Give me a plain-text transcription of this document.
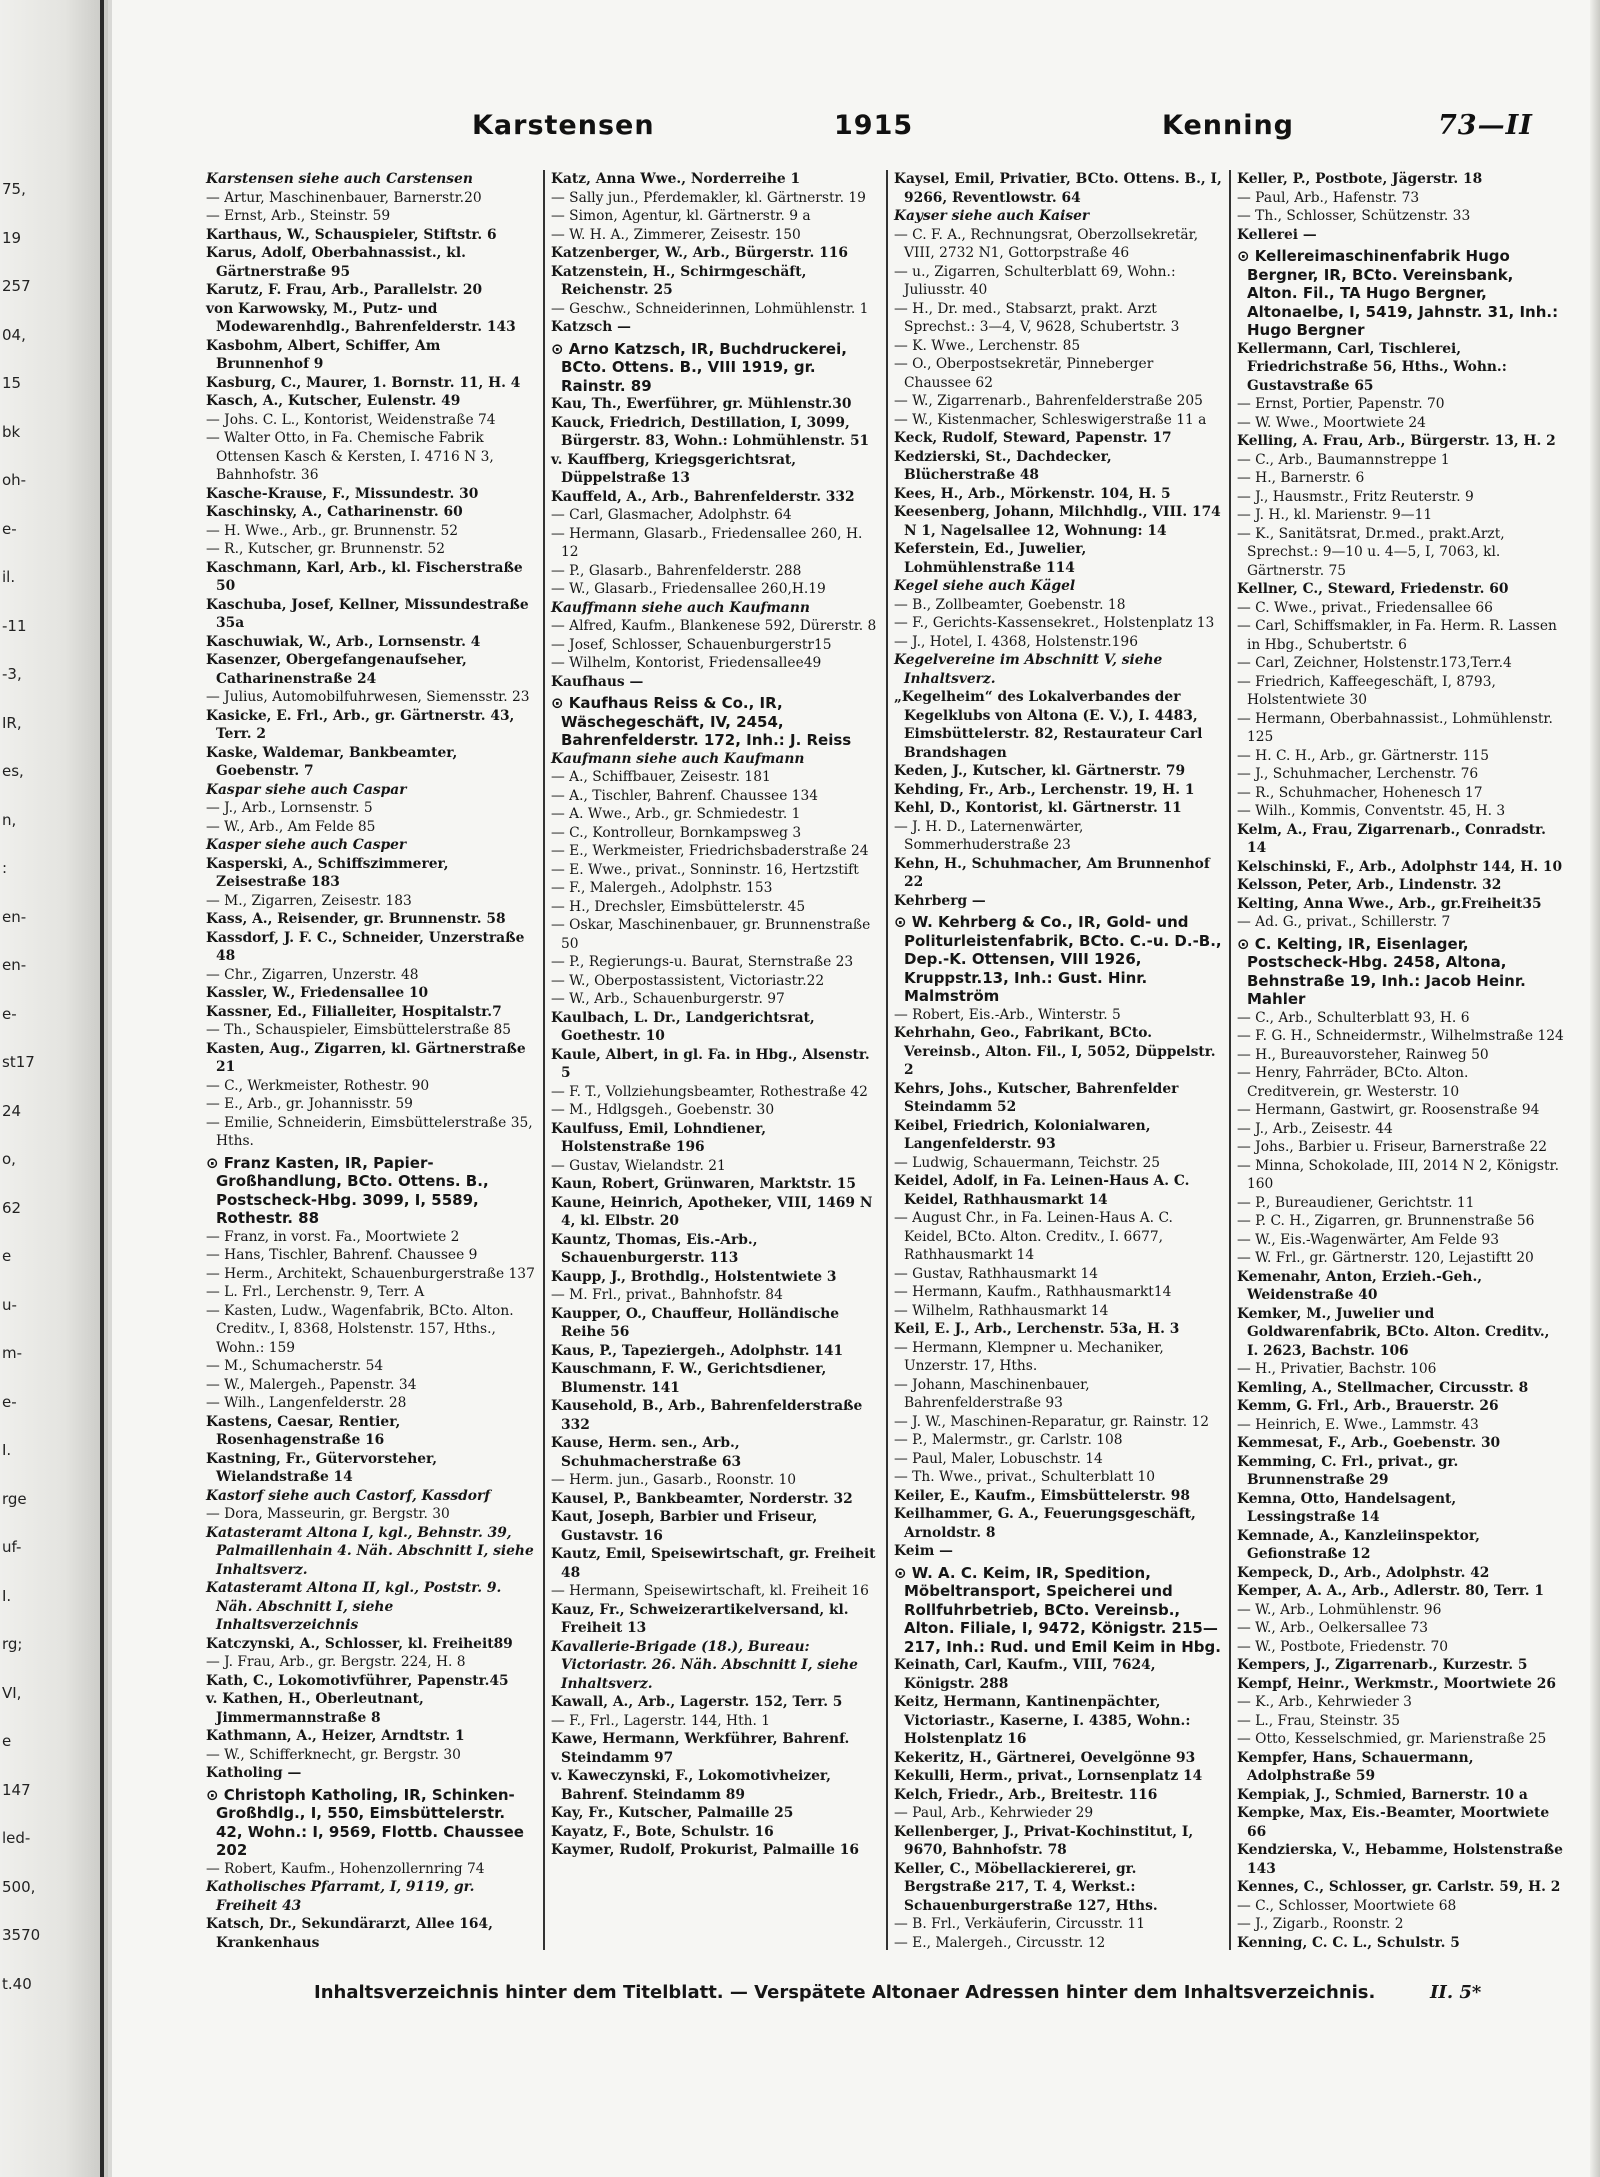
75,
19
257
04,
15
bk
oh-
e-
il.
-11
-3,
IR,
es,
n,
:
en-
en-
e-
st17
24
o,
62
e
u-
m-
e-
I.
rge
uf-
I.
rg;
VI,
e
147
led-
500,
3570
t.40
Karstensen	1915	Kenning	73—II
Karstensen siehe auch Carstensen
— Artur, Maschinenbauer, Barnerstr.20
— Ernst, Arb., Steinstr. 59
Karthaus, W., Schauspieler, Stiftstr. 6
Karus, Adolf, Oberbahnassist., kl. Gärtnerstraße 95
Karutz, F. Frau, Arb., Parallelstr. 20
von Karwowsky, M., Putz- und Modewarenhdlg., Bahrenfelderstr. 143
Kasbohm, Albert, Schiffer, Am Brunnenhof 9
Kasburg, C., Maurer, 1. Bornstr. 11, H. 4
Kasch, A., Kutscher, Eulenstr. 49
— Johs. C. L., Kontorist, Weidenstraße 74
— Walter Otto, in Fa. Chemische Fabrik Ottensen Kasch & Kersten, I. 4716 N 3, Bahnhofstr. 36
Kasche-Krause, F., Missundestr. 30
Kaschinsky, A., Catharinenstr. 60
— H. Wwe., Arb., gr. Brunnenstr. 52
— R., Kutscher, gr. Brunnenstr. 52
Kaschmann, Karl, Arb., kl. Fischerstraße 50
Kaschuba, Josef, Kellner, Missundestraße 35a
Kaschuwiak, W., Arb., Lornsenstr. 4
Kasenzer, Obergefangenaufseher, Catharinenstraße 24
— Julius, Automobilfuhrwesen, Siemensstr. 23
Kasicke, E. Frl., Arb., gr. Gärtnerstr. 43, Terr. 2
Kaske, Waldemar, Bankbeamter, Goebenstr. 7
Kaspar siehe auch Caspar
— J., Arb., Lornsenstr. 5
— W., Arb., Am Felde 85
Kasper siehe auch Casper
Kasperski, A., Schiffszimmerer, Zeisestraße 183
— M., Zigarren, Zeisestr. 183
Kass, A., Reisender, gr. Brunnenstr. 58
Kassdorf, J. F. C., Schneider, Unzerstraße 48
— Chr., Zigarren, Unzerstr. 48
Kassler, W., Friedensallee 10
Kassner, Ed., Filialleiter, Hospitalstr.7
— Th., Schauspieler, Eimsbüttelerstraße 85
Kasten, Aug., Zigarren, kl. Gärtnerstraße 21
— C., Werkmeister, Rothestr. 90
— E., Arb., gr. Johannisstr. 59
— Emilie, Schneiderin, Eimsbüttelerstraße 35, Hths.
⊙ Franz Kasten, IR, Papier-Großhandlung, BCto. Ottens. B., Postscheck-Hbg. 3099, I, 5589, Rothestr. 88
— Franz, in vorst. Fa., Moortwiete 2
— Hans, Tischler, Bahrenf. Chaussee 9
— Herm., Architekt, Schauenburgerstraße 137
— L. Frl., Lerchenstr. 9, Terr. A
— Kasten, Ludw., Wagenfabrik, BCto. Alton. Creditv., I, 8368, Holstenstr. 157, Hths., Wohn.: 159
— M., Schumacherstr. 54
— W., Malergeh., Papenstr. 34
— Wilh., Langenfelderstr. 28
Kastens, Caesar, Rentier, Rosenhagenstraße 16
Kastning, Fr., Gütervorsteher, Wielandstraße 14
Kastorf siehe auch Castorf, Kassdorf
— Dora, Masseurin, gr. Bergstr. 30
Katasteramt Altona I, kgl., Behnstr. 39, Palmaillenhain 4. Näh. Abschnitt I, siehe Inhaltsverz.
Katasteramt Altona II, kgl., Poststr. 9. Näh. Abschnitt I, siehe Inhaltsverzeichnis
Katczynski, A., Schlosser, kl. Freiheit89
— J. Frau, Arb., gr. Bergstr. 224, H. 8
Kath, C., Lokomotivführer, Papenstr.45
v. Kathen, H., Oberleutnant, Jimmermannstraße 8
Kathmann, A., Heizer, Arndtstr. 1
— W., Schifferknecht, gr. Bergstr. 30
Katholing —
⊙ Christoph Katholing, IR, Schinken-Großhdlg., I, 550, Eimsbüttelerstr. 42, Wohn.: I, 9569, Flottb. Chaussee 202
— Robert, Kaufm., Hohenzollernring 74
Katholisches Pfarramt, I, 9119, gr. Freiheit 43
Katsch, Dr., Sekundärarzt, Allee 164, Krankenhaus
Katz, Anna Wwe., Norderreihe 1
— Sally jun., Pferdemakler, kl. Gärtnerstr. 19
— Simon, Agentur, kl. Gärtnerstr. 9 a
— W. H. A., Zimmerer, Zeisestr. 150
Katzenberger, W., Arb., Bürgerstr. 116
Katzenstein, H., Schirmgeschäft, Reichenstr. 25
— Geschw., Schneiderinnen, Lohmühlenstr. 1
Katzsch —
⊙ Arno Katzsch, IR, Buchdruckerei, BCto. Ottens. B., VIII 1919, gr. Rainstr. 89
Kau, Th., Ewerführer, gr. Mühlenstr.30
Kauck, Friedrich, Destillation, I, 3099, Bürgerstr. 83, Wohn.: Lohmühlenstr. 51
v. Kauffberg, Kriegsgerichtsrat, Düppelstraße 13
Kauffeld, A., Arb., Bahrenfelderstr. 332
— Carl, Glasmacher, Adolphstr. 64
— Hermann, Glasarb., Friedensallee 260, H. 12
— P., Glasarb., Bahrenfelderstr. 288
— W., Glasarb., Friedensallee 260,H.19
Kauffmann siehe auch Kaufmann
— Alfred, Kaufm., Blankenese 592, Dürerstr. 8
— Josef, Schlosser, Schauenburgerstr15
— Wilhelm, Kontorist, Friedensallee49
Kaufhaus —
⊙ Kaufhaus Reiss & Co., IR, Wäschegeschäft, IV, 2454, Bahrenfelderstr. 172, Inh.: J. Reiss
Kaufmann siehe auch Kaufmann
— A., Schiffbauer, Zeisestr. 181
— A., Tischler, Bahrenf. Chaussee 134
— A. Wwe., Arb., gr. Schmiedestr. 1
— C., Kontrolleur, Bornkampsweg 3
— E., Werkmeister, Friedrichsbaderstraße 24
— E. Wwe., privat., Sonninstr. 16, Hertzstift
— F., Malergeh., Adolphstr. 153
— H., Drechsler, Eimsbüttelerstr. 45
— Oskar, Maschinenbauer, gr. Brunnenstraße 50
— P., Regierungs-u. Baurat, Sternstraße 23
— W., Oberpostassistent, Victoriastr.22
— W., Arb., Schauenburgerstr. 97
Kaulbach, L. Dr., Landgerichtsrat, Goethestr. 10
Kaule, Albert, in gl. Fa. in Hbg., Alsenstr. 5
— F. T., Vollziehungsbeamter, Rothestraße 42
— M., Hdlgsgeh., Goebenstr. 30
Kaulfuss, Emil, Lohndiener, Holstenstraße 196
— Gustav, Wielandstr. 21
Kaun, Robert, Grünwaren, Marktstr. 15
Kaune, Heinrich, Apotheker, VIII, 1469 N 4, kl. Elbstr. 20
Kauntz, Thomas, Eis.-Arb., Schauenburgerstr. 113
Kaupp, J., Brothdlg., Holstentwiete 3
— M. Frl., privat., Bahnhofstr. 84
Kaupper, O., Chauffeur, Holländische Reihe 56
Kaus, P., Tapeziergeh., Adolphstr. 141
Kauschmann, F. W., Gerichtsdiener, Blumenstr. 141
Kausehold, B., Arb., Bahrenfelderstraße 332
Kause, Herm. sen., Arb., Schuhmacherstraße 63
— Herm. jun., Gasarb., Roonstr. 10
Kausel, P., Bankbeamter, Norderstr. 32
Kaut, Joseph, Barbier und Friseur, Gustavstr. 16
Kautz, Emil, Speisewirtschaft, gr. Freiheit 48
— Hermann, Speisewirtschaft, kl. Freiheit 16
Kauz, Fr., Schweizerartikelversand, kl. Freiheit 13
Kavallerie-Brigade (18.), Bureau: Victoriastr. 26. Näh. Abschnitt I, siehe Inhaltsverz.
Kawall, A., Arb., Lagerstr. 152, Terr. 5
— F., Frl., Lagerstr. 144, Hth. 1
Kawe, Hermann, Werkführer, Bahrenf. Steindamm 97
v. Kaweczynski, F., Lokomotivheizer, Bahrenf. Steindamm 89
Kay, Fr., Kutscher, Palmaille 25
Kayatz, F., Bote, Schulstr. 16
Kaymer, Rudolf, Prokurist, Palmaille 16
Kaysel, Emil, Privatier, BCto. Ottens. B., I, 9266, Reventlowstr. 64
Kayser siehe auch Kaiser
— C. F. A., Rechnungsrat, Oberzollsekretär, VIII, 2732 N1, Gottorpstraße 46
— u., Zigarren, Schulterblatt 69, Wohn.: Juliusstr. 40
— H., Dr. med., Stabsarzt, prakt. Arzt Sprechst.: 3—4, V, 9628, Schubertstr. 3
— K. Wwe., Lerchenstr. 85
— O., Oberpostsekretär, Pinneberger Chaussee 62
— W., Zigarrenarb., Bahrenfelderstraße 205
— W., Kistenmacher, Schleswigerstraße 11 a
Keck, Rudolf, Steward, Papenstr. 17
Kedzierski, St., Dachdecker, Blücherstraße 48
Kees, H., Arb., Mörkenstr. 104, H. 5
Keesenberg, Johann, Milchhdlg., VIII. 174 N 1, Nagelsallee 12, Wohnung: 14
Keferstein, Ed., Juwelier, Lohmühlenstraße 114
Kegel siehe auch Kägel
— B., Zollbeamter, Goebenstr. 18
— F., Gerichts-Kassensekret., Holstenplatz 13
— J., Hotel, I. 4368, Holstenstr.196
Kegelvereine im Abschnitt V, siehe Inhaltsverz.
„Kegelheim“ des Lokalverbandes der Kegelklubs von Altona (E. V.), I. 4483, Eimsbüttelerstr. 82, Restaurateur Carl Brandshagen
Keden, J., Kutscher, kl. Gärtnerstr. 79
Kehding, Fr., Arb., Lerchenstr. 19, H. 1
Kehl, D., Kontorist, kl. Gärtnerstr. 11
— J. H. D., Laternenwärter, Sommerhuderstraße 23
Kehn, H., Schuhmacher, Am Brunnenhof 22
Kehrberg —
⊙ W. Kehrberg & Co., IR, Gold- und Politurleistenfabrik, BCto. C.-u. D.-B., Dep.-K. Ottensen, VIII 1926, Kruppstr.13, Inh.: Gust. Hinr. Malmström
— Robert, Eis.-Arb., Winterstr. 5
Kehrhahn, Geo., Fabrikant, BCto. Vereinsb., Alton. Fil., I, 5052, Düppelstr. 2
Kehrs, Johs., Kutscher, Bahrenfelder Steindamm 52
Keibel, Friedrich, Kolonialwaren, Langenfelderstr. 93
— Ludwig, Schauermann, Teichstr. 25
Keidel, Adolf, in Fa. Leinen-Haus A. C. Keidel, Rathhausmarkt 14
— August Chr., in Fa. Leinen-Haus A. C. Keidel, BCto. Alton. Creditv., I. 6677, Rathhausmarkt 14
— Gustav, Rathhausmarkt 14
— Hermann, Kaufm., Rathhausmarkt14
— Wilhelm, Rathhausmarkt 14
Keil, E. J., Arb., Lerchenstr. 53a, H. 3
— Hermann, Klempner u. Mechaniker, Unzerstr. 17, Hths.
— Johann, Maschinenbauer, Bahrenfelderstraße 93
— J. W., Maschinen-Reparatur, gr. Rainstr. 12
— P., Malermstr., gr. Carlstr. 108
— Paul, Maler, Lobuschstr. 14
— Th. Wwe., privat., Schulterblatt 10
Keiler, E., Kaufm., Eimsbüttelerstr. 98
Keilhammer, G. A., Feuerungsgeschäft, Arnoldstr. 8
Keim —
⊙ W. A. C. Keim, IR, Spedition, Möbeltransport, Speicherei und Rollfuhrbetrieb, BCto. Vereinsb., Alton. Filiale, I, 9472, Königstr. 215—217, Inh.: Rud. und Emil Keim in Hbg.
Keinath, Carl, Kaufm., VIII, 7624, Königstr. 288
Keitz, Hermann, Kantinenpächter, Victoriastr., Kaserne, I. 4385, Wohn.: Holstenplatz 16
Kekeritz, H., Gärtnerei, Oevelgönne 93
Kekulli, Herm., privat., Lornsenplatz 14
Kelch, Friedr., Arb., Breitestr. 116
— Paul, Arb., Kehrwieder 29
Kellenberger, J., Privat-Kochinstitut, I, 9670, Bahnhofstr. 78
Keller, C., Möbellackiererei, gr. Bergstraße 217, T. 4, Werkst.: Schauenburgerstraße 127, Hths.
— B. Frl., Verkäuferin, Circusstr. 11
— E., Malergeh., Circusstr. 12
Keller, P., Postbote, Jägerstr. 18
— Paul, Arb., Hafenstr. 73
— Th., Schlosser, Schützenstr. 33
Kellerei —
⊙ Kellereimaschinenfabrik Hugo Bergner, IR, BCto. Vereinsbank, Alton. Fil., TA Hugo Bergner, Altonaelbe, I, 5419, Jahnstr. 31, Inh.: Hugo Bergner
Kellermann, Carl, Tischlerei, Friedrichstraße 56, Hths., Wohn.: Gustavstraße 65
— Ernst, Portier, Papenstr. 70
— W. Wwe., Moortwiete 24
Kelling, A. Frau, Arb., Bürgerstr. 13, H. 2
— C., Arb., Baumannstreppe 1
— H., Barnerstr. 6
— J., Hausmstr., Fritz Reuterstr. 9
— J. H., kl. Marienstr. 9—11
— K., Sanitätsrat, Dr.med., prakt.Arzt, Sprechst.: 9—10 u. 4—5, I, 7063, kl. Gärtnerstr. 75
Kellner, C., Steward, Friedenstr. 60
— C. Wwe., privat., Friedensallee 66
— Carl, Schiffsmakler, in Fa. Herm. R. Lassen in Hbg., Schubertstr. 6
— Carl, Zeichner, Holstenstr.173,Terr.4
— Friedrich, Kaffeegeschäft, I, 8793, Holstentwiete 30
— Hermann, Oberbahnassist., Lohmühlenstr. 125
— H. C. H., Arb., gr. Gärtnerstr. 115
— J., Schuhmacher, Lerchenstr. 76
— R., Schuhmacher, Hohenesch 17
— Wilh., Kommis, Conventstr. 45, H. 3
Kelm, A., Frau, Zigarrenarb., Conradstr. 14
Kelschinski, F., Arb., Adolphstr 144, H. 10
Kelsson, Peter, Arb., Lindenstr. 32
Kelting, Anna Wwe., Arb., gr.Freiheit35
— Ad. G., privat., Schillerstr. 7
⊙ C. Kelting, IR, Eisenlager, Postscheck-Hbg. 2458, Altona, Behnstraße 19, Inh.: Jacob Heinr. Mahler
— C., Arb., Schulterblatt 93, H. 6
— F. G. H., Schneidermstr., Wilhelmstraße 124
— H., Bureauvorsteher, Rainweg 50
— Henry, Fahrräder, BCto. Alton. Creditverein, gr. Westerstr. 10
— Hermann, Gastwirt, gr. Roosenstraße 94
— J., Arb., Zeisestr. 44
— Johs., Barbier u. Friseur, Barnerstraße 22
— Minna, Schokolade, III, 2014 N 2, Königstr. 160
— P., Bureaudiener, Gerichtstr. 11
— P. C. H., Zigarren, gr. Brunnenstraße 56
— W., Eis.-Wagenwärter, Am Felde 93
— W. Frl., gr. Gärtnerstr. 120, Lejastiftt 20
Kemenahr, Anton, Erzieh.-Geh., Weidenstraße 40
Kemker, M., Juwelier und Goldwarenfabrik, BCto. Alton. Creditv., I. 2623, Bachstr. 106
— H., Privatier, Bachstr. 106
Kemling, A., Stellmacher, Circusstr. 8
Kemm, G. Frl., Arb., Brauerstr. 26
— Heinrich, E. Wwe., Lammstr. 43
Kemmesat, F., Arb., Goebenstr. 30
Kemming, C. Frl., privat., gr. Brunnenstraße 29
Kemna, Otto, Handelsagent, Lessingstraße 14
Kemnade, A., Kanzleiinspektor, Gefionstraße 12
Kempeck, D., Arb., Adolphstr. 42
Kemper, A. A., Arb., Adlerstr. 80, Terr. 1
— W., Arb., Lohmühlenstr. 96
— W., Arb., Oelkersallee 73
— W., Postbote, Friedenstr. 70
Kempers, J., Zigarrenarb., Kurzestr. 5
Kempf, Heinr., Werkmstr., Moortwiete 26
— K., Arb., Kehrwieder 3
— L., Frau, Steinstr. 35
— Otto, Kesselschmied, gr. Marienstraße 25
Kempfer, Hans, Schauermann, Adolphstraße 59
Kempiak, J., Schmied, Barnerstr. 10 a
Kempke, Max, Eis.-Beamter, Moortwiete 66
Kendzierska, V., Hebamme, Holstenstraße 143
Kennes, C., Schlosser, gr. Carlstr. 59, H. 2
— C., Schlosser, Moortwiete 68
— J., Zigarb., Roonstr. 2
Kenning, C. C. L., Schulstr. 5
Inhaltsverzeichnis hinter dem Titelblatt. — Verspätete Altonaer Adressen hinter dem Inhaltsverzeichnis.	II. 5*
